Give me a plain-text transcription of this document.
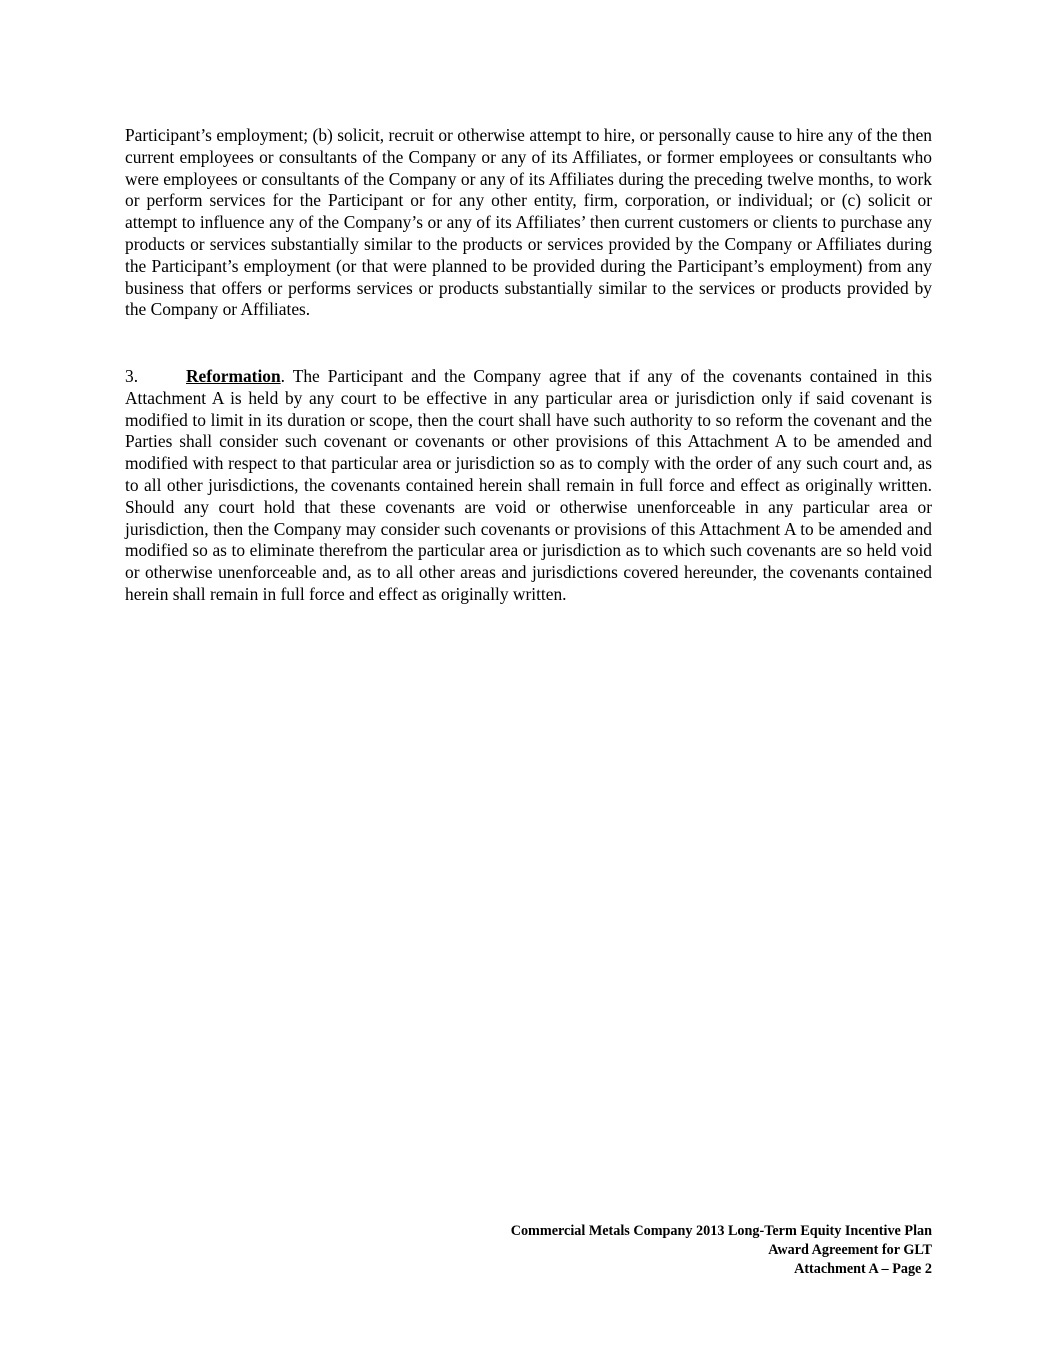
Participant’s employment; (b) solicit, recruit or otherwise attempt to hire, or personally cause to hire any of the then current employees or consultants of the Company or any of its Affiliates, or former employees or consultants who were employees or consultants of the Company or any of its Affiliates during the preceding twelve months, to work or perform services for the Participant or for any other entity, firm, corporation, or individual; or (c) solicit or attempt to influence any of the Company’s or any of its Affiliates’ then current customers or clients to purchase any products or services substantially similar to the products or services provided by the Company or Affiliates during the Participant’s employment (or that were planned to be provided during the Participant’s employment) from any business that offers or performs services or products substantially similar to the services or products provided by the Company or Affiliates.

3.	Reformation. The Participant and the Company agree that if any of the covenants contained in this Attachment A is held by any court to be effective in any particular area or jurisdiction only if said covenant is modified to limit in its duration or scope, then the court shall have such authority to so reform the covenant and the Parties shall consider such covenant or covenants or other provisions of this Attachment A to be amended and modified with respect to that particular area or jurisdiction so as to comply with the order of any such court and, as to all other jurisdictions, the covenants contained herein shall remain in full force and effect as originally written. Should any court hold that these covenants are void or otherwise unenforceable in any particular area or jurisdiction, then the Company may consider such covenants or provisions of this Attachment A to be amended and modified so as to eliminate therefrom the particular area or jurisdiction as to which such covenants are so held void or otherwise unenforceable and, as to all other areas and jurisdictions covered hereunder, the covenants contained herein shall remain in full force and effect as originally written.

Commercial Metals Company 2013 Long-Term Equity Incentive Plan
Award Agreement for GLT
Attachment A – Page 2
